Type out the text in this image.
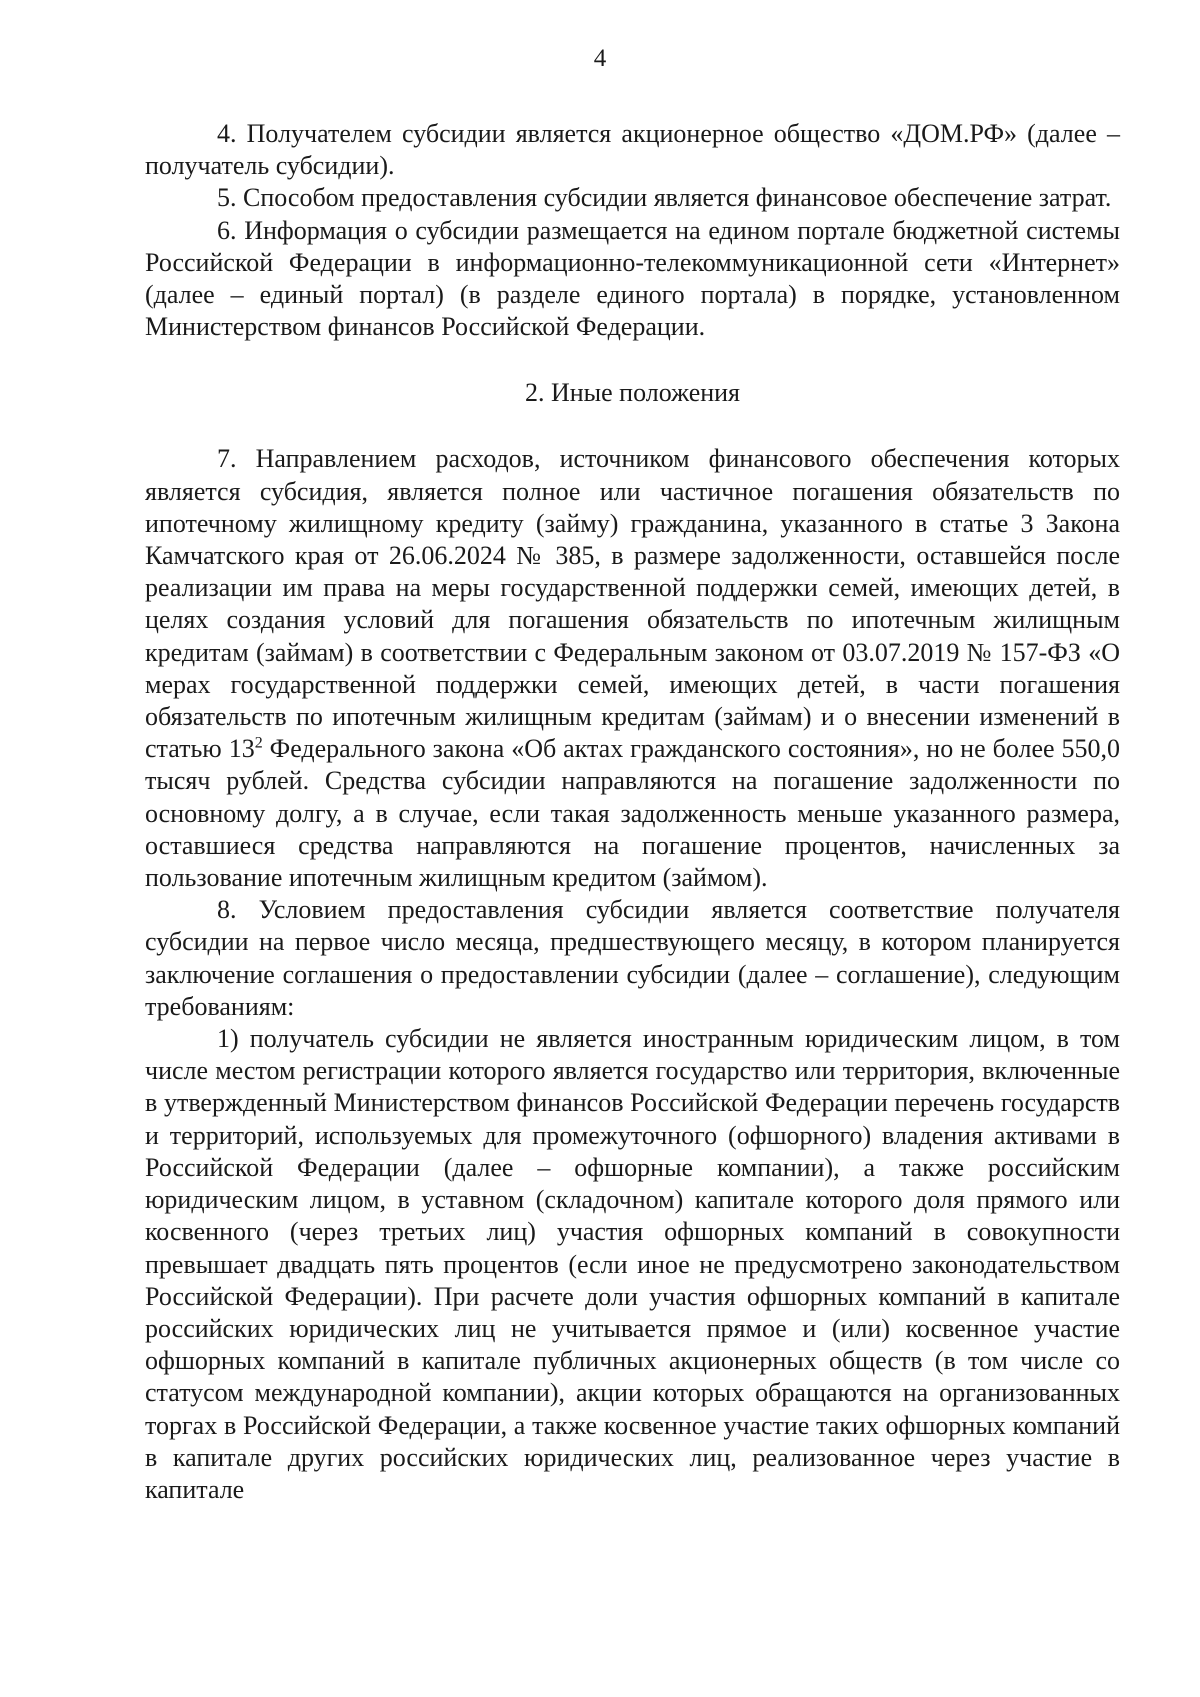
4

4. Получателем субсидии является акционерное общество «ДОМ.РФ» (далее – получатель субсидии).

5. Способом предоставления субсидии является финансовое обеспечение затрат.

6. Информация о субсидии размещается на едином портале бюджетной системы Российской Федерации в информационно-телекоммуникационной сети «Интернет» (далее – единый портал) (в разделе единого портала) в порядке, установленном Министерством финансов Российской Федерации.

2. Иные положения

7. Направлением расходов, источником финансового обеспечения которых является субсидия, является полное или частичное погашения обязательств по ипотечному жилищному кредиту (займу) гражданина, указанного в статье 3 Закона Камчатского края от 26.06.2024 № 385, в размере задолженности, оставшейся после реализации им права на меры государственной поддержки семей, имеющих детей, в целях создания условий для погашения обязательств по ипотечным жилищным кредитам (займам) в соответствии с Федеральным законом от 03.07.2019 № 157-ФЗ «О мерах государственной поддержки семей, имеющих детей, в части погашения обязательств по ипотечным жилищным кредитам (займам) и о внесении изменений в статью $13^2$ Федерального закона «Об актах гражданского состояния», но не более 550,0 тысяч рублей. Средства субсидии направляются на погашение задолженности по основному долгу, а в случае, если такая задолженность меньше указанного размера, оставшиеся средства направляются на погашение процентов, начисленных за пользование ипотечным жилищным кредитом (займом).

8. Условием предоставления субсидии является соответствие получателя субсидии на первое число месяца, предшествующего месяцу, в котором планируется заключение соглашения о предоставлении субсидии (далее – соглашение), следующим требованиям:

1) получатель субсидии не является иностранным юридическим лицом, в том числе местом регистрации которого является государство или территория, включенные в утвержденный Министерством финансов Российской Федерации перечень государств и территорий, используемых для промежуточного (офшорного) владения активами в Российской Федерации (далее – офшорные компании), а также российским юридическим лицом, в уставном (складочном) капитале которого доля прямого или косвенного (через третьих лиц) участия офшорных компаний в совокупности превышает двадцать пять процентов (если иное не предусмотрено законодательством Российской Федерации). При расчете доли участия офшорных компаний в капитале российских юридических лиц не учитывается прямое и (или) косвенное участие офшорных компаний в капитале публичных акционерных обществ (в том числе со статусом международной компании), акции которых обращаются на организованных торгах в Российской Федерации, а также косвенное участие таких офшорных компаний в капитале других российских юридических лиц, реализованное через участие в капитале
